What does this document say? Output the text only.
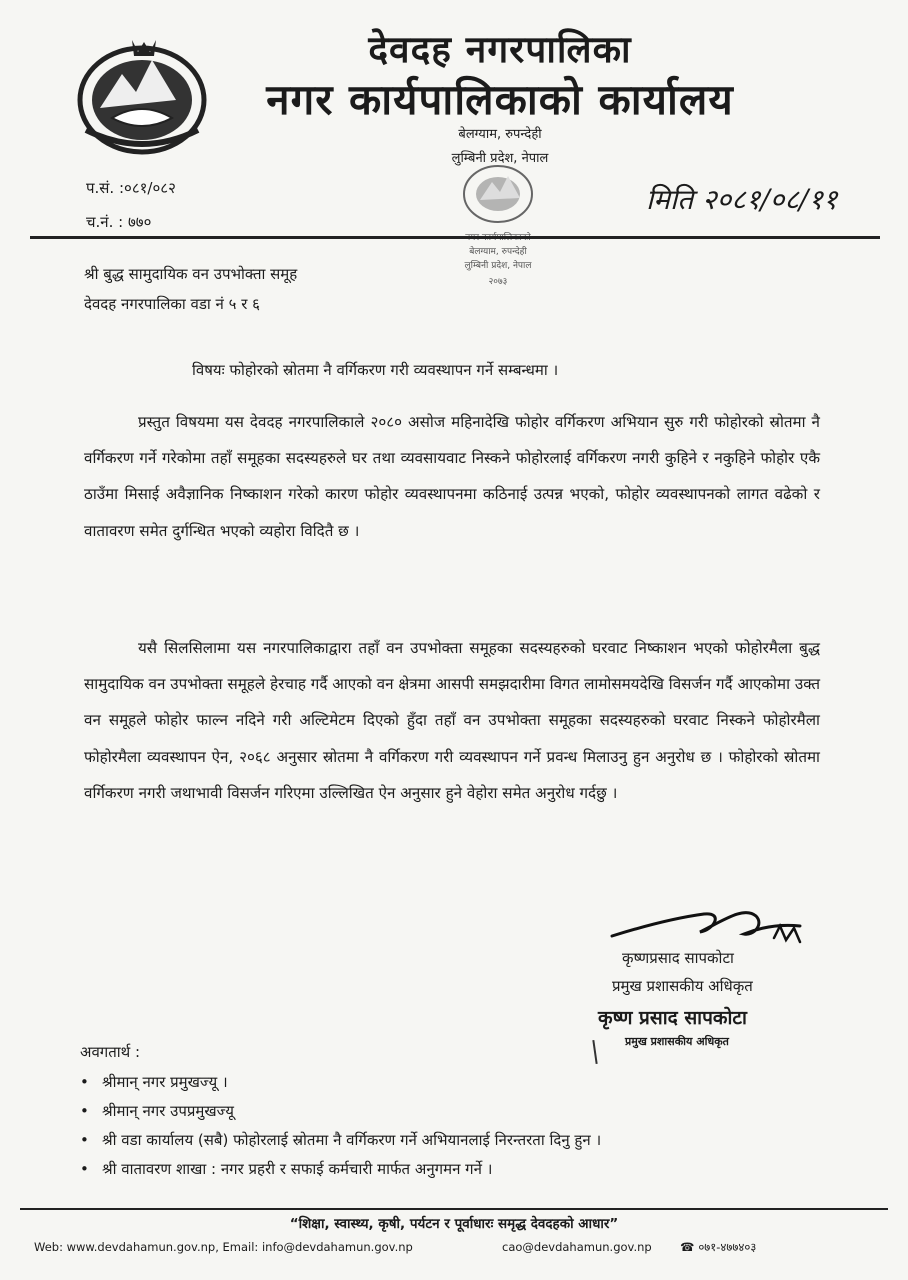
देवदह नगरपालिका
नगर कार्यपालिकाको कार्यालय
बेलग्याम, रुपन्देही
लुम्बिनी प्रदेश, नेपाल
बेलग्याम, रुपन्देही
लुम्बिनी प्रदेश, नेपाल
२०७३
प.सं. :०८१/०८२
च.नं. : ७७०
मिति २०८१/०८/११
श्री बुद्ध सामुदायिक वन उपभोक्ता समूह
देवदह नगरपालिका वडा नं ५ र ६
विषयः फोहोरको स्रोतमा नै वर्गिकरण गरी व्यवस्थापन गर्ने सम्बन्धमा ।

प्रस्तुत विषयमा यस देवदह नगरपालिकाले २०८० असोज महिनादेखि फोहोर वर्गिकरण अभियान सुरु गरी फोहोरको स्रोतमा नै वर्गिकरण गर्ने गरेकोमा तहाँ समूहका सदस्यहरुले घर तथा व्यवसायवाट निस्कने फोहोरलाई वर्गिकरण नगरी कुहिने र नकुहिने फोहोर एकै ठाउँमा मिसाई अवैज्ञानिक निष्काशन गरेको कारण फोहोर व्यवस्थापनमा कठिनाई उत्पन्न भएको, फोहोर व्यवस्थापनको लागत वढेको र वातावरण समेत दुर्गन्धित भएको व्यहोरा विदितै छ ।

यसै सिलसिलामा यस नगरपालिकाद्वारा तहाँ वन उपभोक्ता समूहका सदस्यहरुको घरवाट निष्काशन भएको फोहोरमैला बुद्ध सामुदायिक वन उपभोक्ता समूहले हेरचाह गर्दै आएको वन क्षेत्रमा आसपी समझदारीमा विगत लामोसमयदेखि विसर्जन गर्दै आएकोमा उक्त वन समूहले फोहोर फाल्न नदिने गरी अल्टिमेटम दिएको हुँदा तहाँ वन उपभोक्ता समूहका सदस्यहरुको घरवाट निस्कने फोहोरमैला फोहोरमैला व्यवस्थापन ऐन, २०६८ अनुसार स्रोतमा नै वर्गिकरण गरी व्यवस्थापन गर्ने प्रवन्ध मिलाउनु हुन अनुरोध छ । फोहोरको स्रोतमा वर्गिकरण नगरी जथाभावी विसर्जन गरिएमा उल्लिखित ऐन अनुसार हुने वेहोरा समेत अनुरोध गर्दछु ।

कृष्णप्रसाद सापकोटा
प्रमुख प्रशासकीय अधिकृत
कृष्ण प्रसाद सापकोटा
प्रमुख प्रशासकीय अधिकृत
अवगतार्थ :
• श्रीमान् नगर प्रमुखज्यू ।
• श्रीमान् नगर उपप्रमुखज्यू
• श्री वडा कार्यालय (सबै) फोहोरलाई स्रोतमा नै वर्गिकरण गर्ने अभियानलाई निरन्तरता दिनु हुन ।
• श्री वातावरण शाखा : नगर प्रहरी र सफाई कर्मचारी मार्फत अनुगमन गर्ने ।
“शिक्षा, स्वास्थ्य, कृषी, पर्यटन र पूर्वाधारः समृद्ध देवदहको आधार”
Web: www.devdahamun.gov.np, Email: info@devdahamun.gov.np	cao@devdahamun.gov.np ☎ ०७१-४७७४०३
